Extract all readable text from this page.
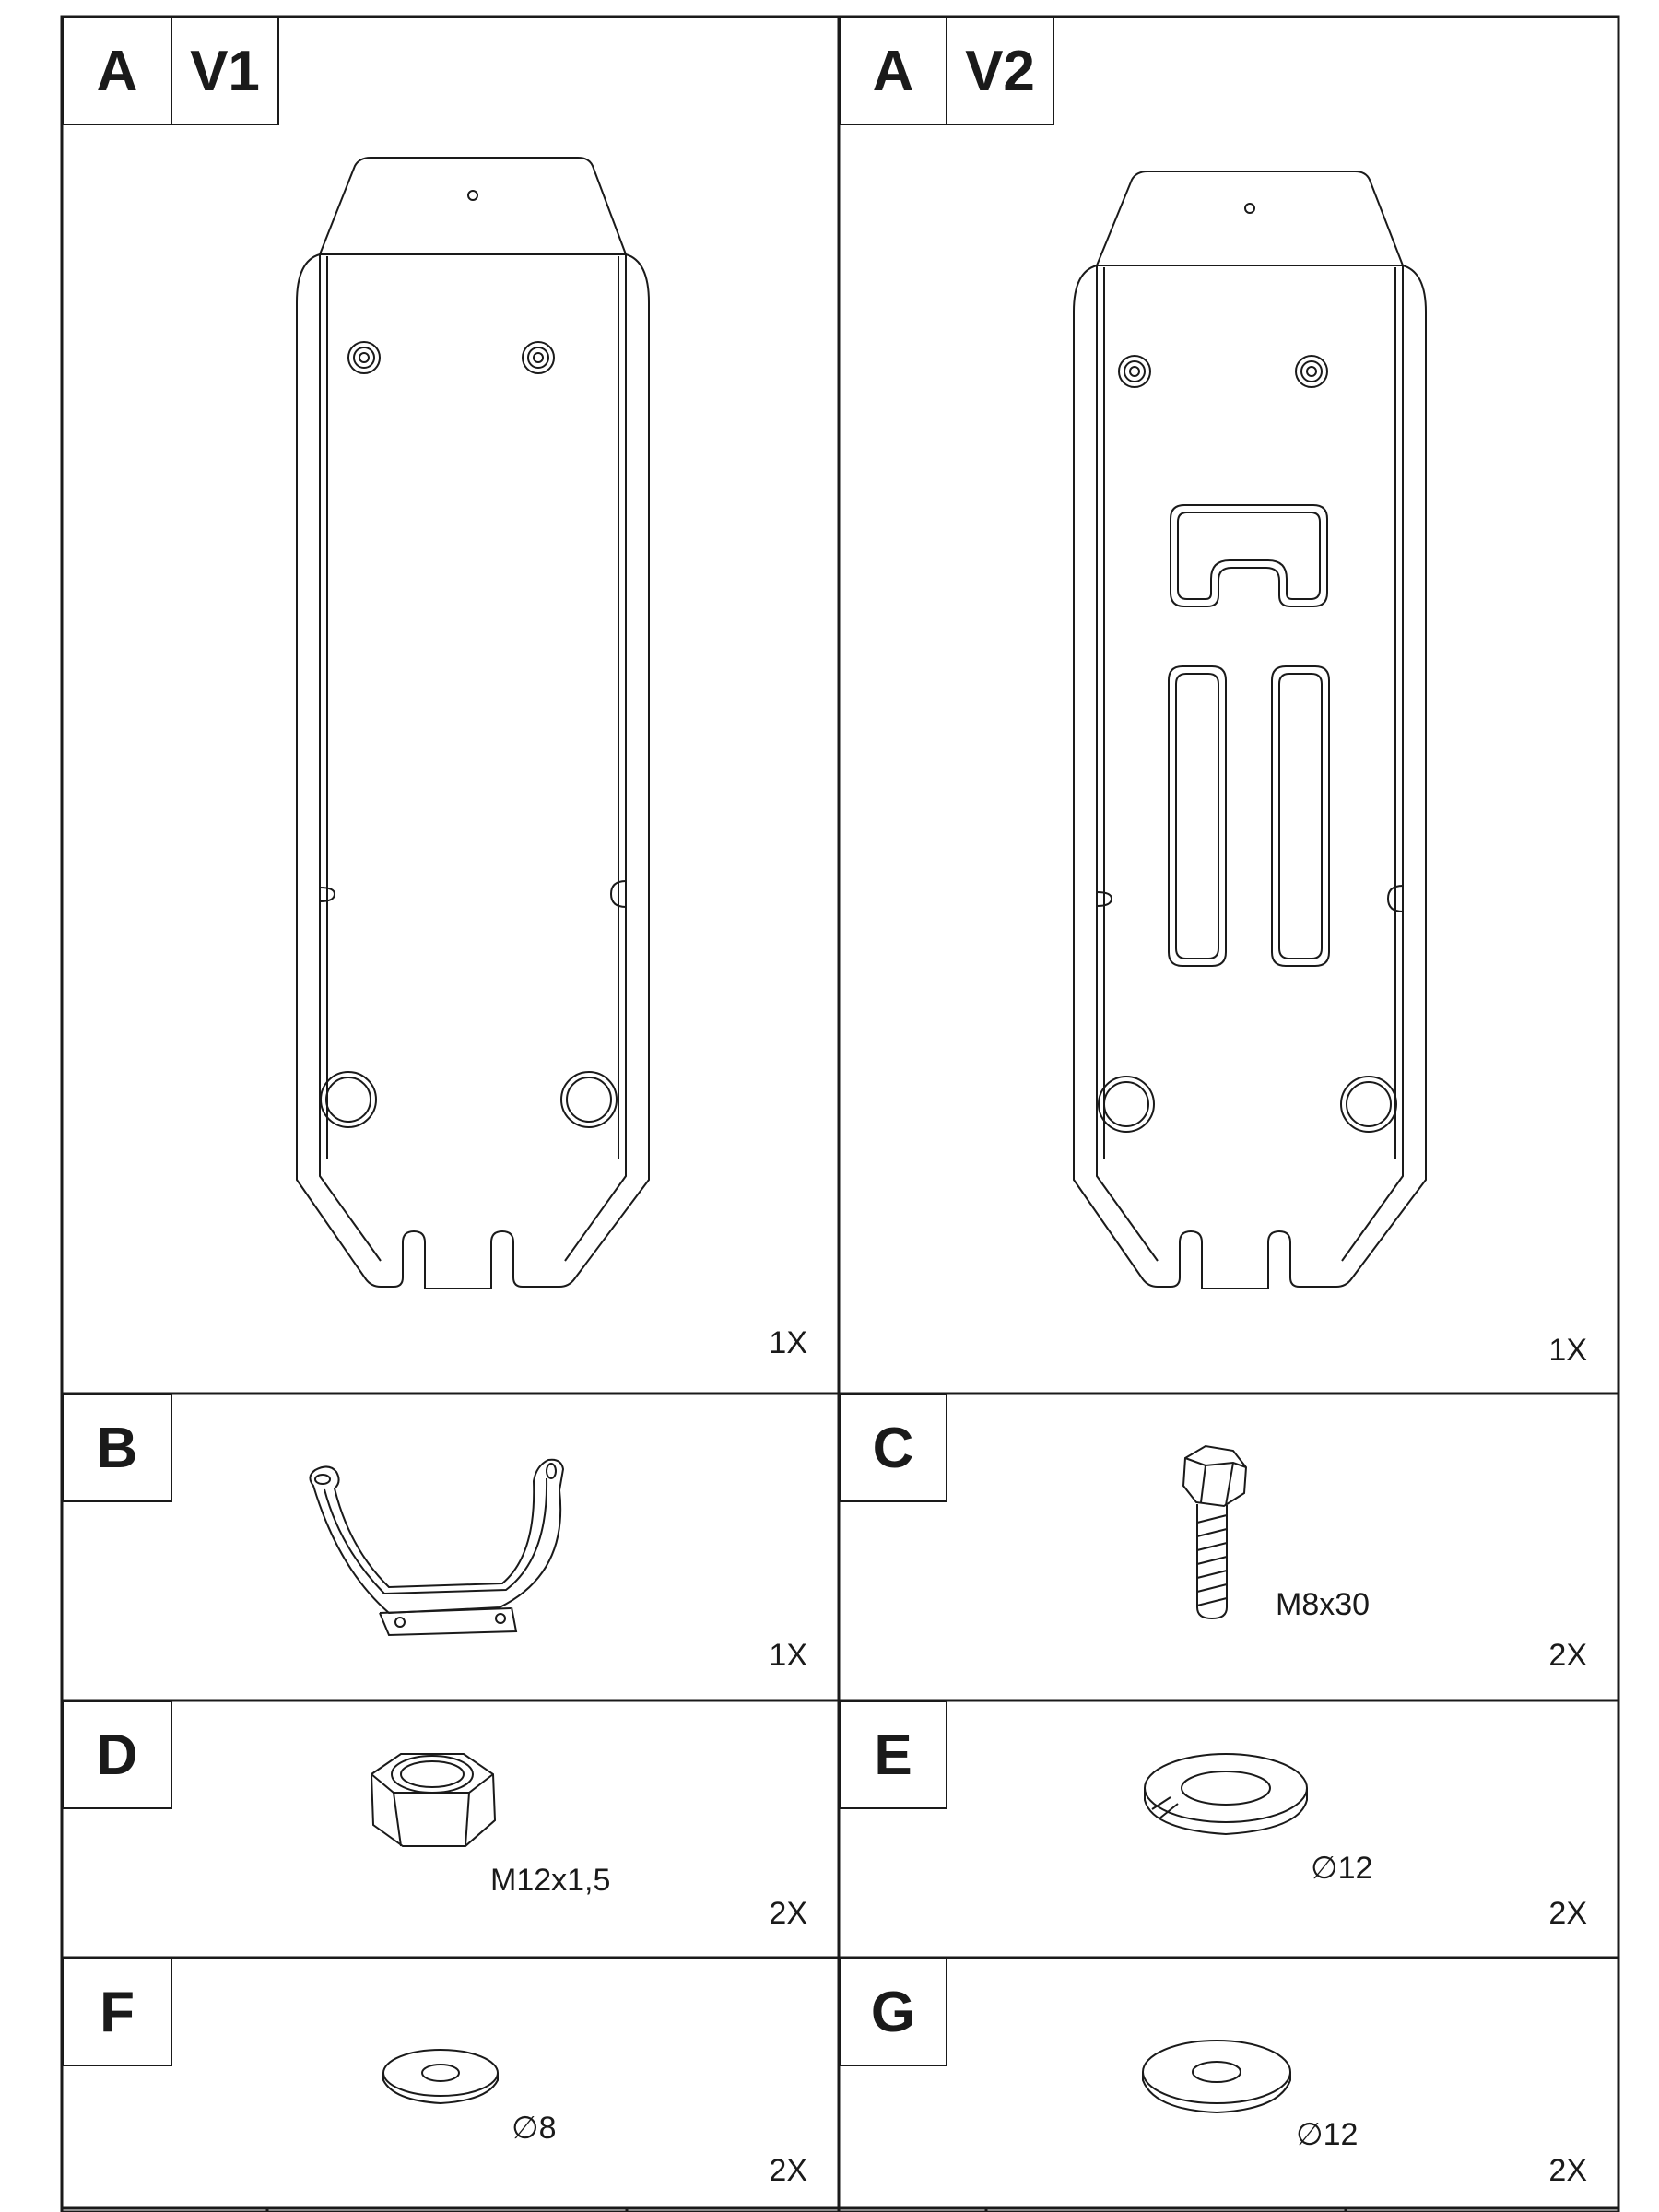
A V1
1X
A V2
1X
B
1X
C
M8x30
2X
D
M12x1,5
2X
E
∅12
2X
F
∅8
2X
G
∅12
2X
